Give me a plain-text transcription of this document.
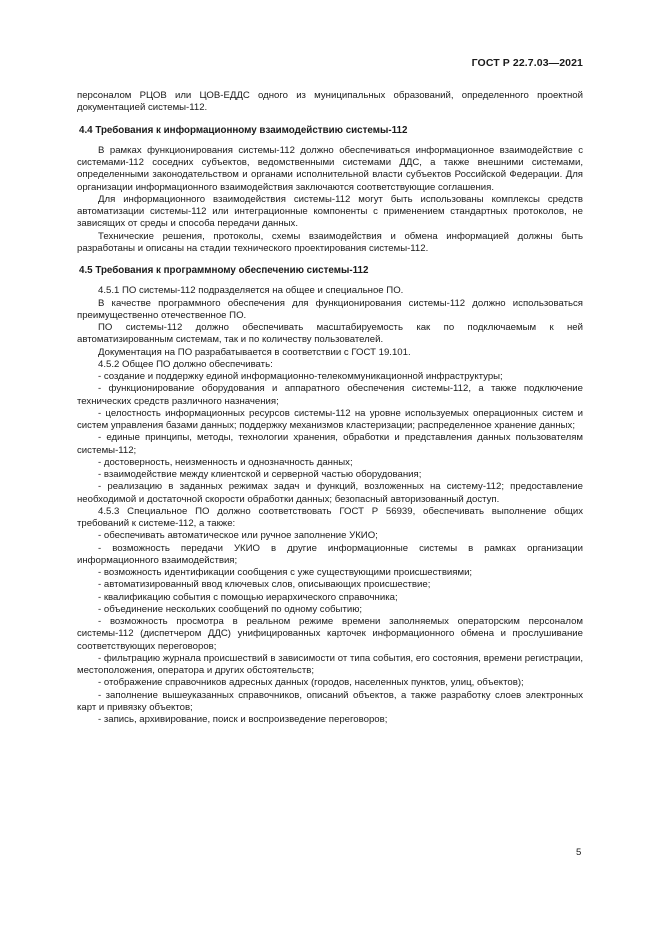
ГОСТ Р 22.7.03—2021

персоналом РЦОВ или ЦОВ-ЕДДС одного из муниципальных образований, определенного проектной документацией системы-112.

4.4 Требования к информационному взаимодействию системы-112

В рамках функционирования системы-112 должно обеспечиваться информационное взаимодействие с системами-112 соседних субъектов, ведомственными системами ДДС, а также внешними системами, определенными законодательством и органами исполнительной власти субъектов Российской Федерации. Для организации информационного взаимодействия заключаются соответствующие соглашения.

Для информационного взаимодействия системы-112 могут быть использованы комплексы средств автоматизации системы-112 или интеграционные компоненты с применением стандартных протоколов, не зависящих от среды и способа передачи данных.

Технические решения, протоколы, схемы взаимодействия и обмена информацией должны быть разработаны и описаны на стадии технического проектирования системы-112.

4.5 Требования к программному обеспечению системы-112

4.5.1 ПО системы-112 подразделяется на общее и специальное ПО.

В качестве программного обеспечения для функционирования системы-112 должно использоваться преимущественно отечественное ПО.

ПО системы-112 должно обеспечивать масштабируемость как по подключаемым к ней автоматизированным системам, так и по количеству пользователей.

Документация на ПО разрабатывается в соответствии с ГОСТ 19.101.

4.5.2 Общее ПО должно обеспечивать:

- создание и поддержку единой информационно-телекоммуникационной инфраструктуры;

- функционирование оборудования и аппаратного обеспечения системы-112, а также подключение технических средств различного назначения;

- целостность информационных ресурсов системы-112 на уровне используемых операционных систем и систем управления базами данных; поддержку механизмов кластеризации; распределенное хранение данных;

- единые принципы, методы, технологии хранения, обработки и представления данных пользователям системы-112;

- достоверность, неизменность и однозначность данных;

- взаимодействие между клиентской и серверной частью оборудования;

- реализацию в заданных режимах задач и функций, возложенных на систему-112; предоставление необходимой и достаточной скорости обработки данных; безопасный авторизованный доступ.

4.5.3 Специальное ПО должно соответствовать ГОСТ Р 56939, обеспечивать выполнение общих требований к системе-112, а также:

- обеспечивать автоматическое или ручное заполнение УКИО;

- возможность передачи УКИО в другие информационные системы в рамках организации информационного взаимодействия;

- возможность идентификации сообщения с уже существующими происшествиями;

- автоматизированный ввод ключевых слов, описывающих происшествие;

- квалификацию события с помощью иерархического справочника;

- объединение нескольких сообщений по одному событию;

- возможность просмотра в реальном режиме времени заполняемых операторским персоналом системы-112 (диспетчером ДДС) унифицированных карточек информационного обмена и прослушивание соответствующих переговоров;

- фильтрацию журнала происшествий в зависимости от типа события, его состояния, времени регистрации, местоположения, оператора и других обстоятельств;

- отображение справочников адресных данных (городов, населенных пунктов, улиц, объектов);

- заполнение вышеуказанных справочников, описаний объектов, а также разработку слоев электронных карт и привязку объектов;

- запись, архивирование, поиск и воспроизведение переговоров;

5
